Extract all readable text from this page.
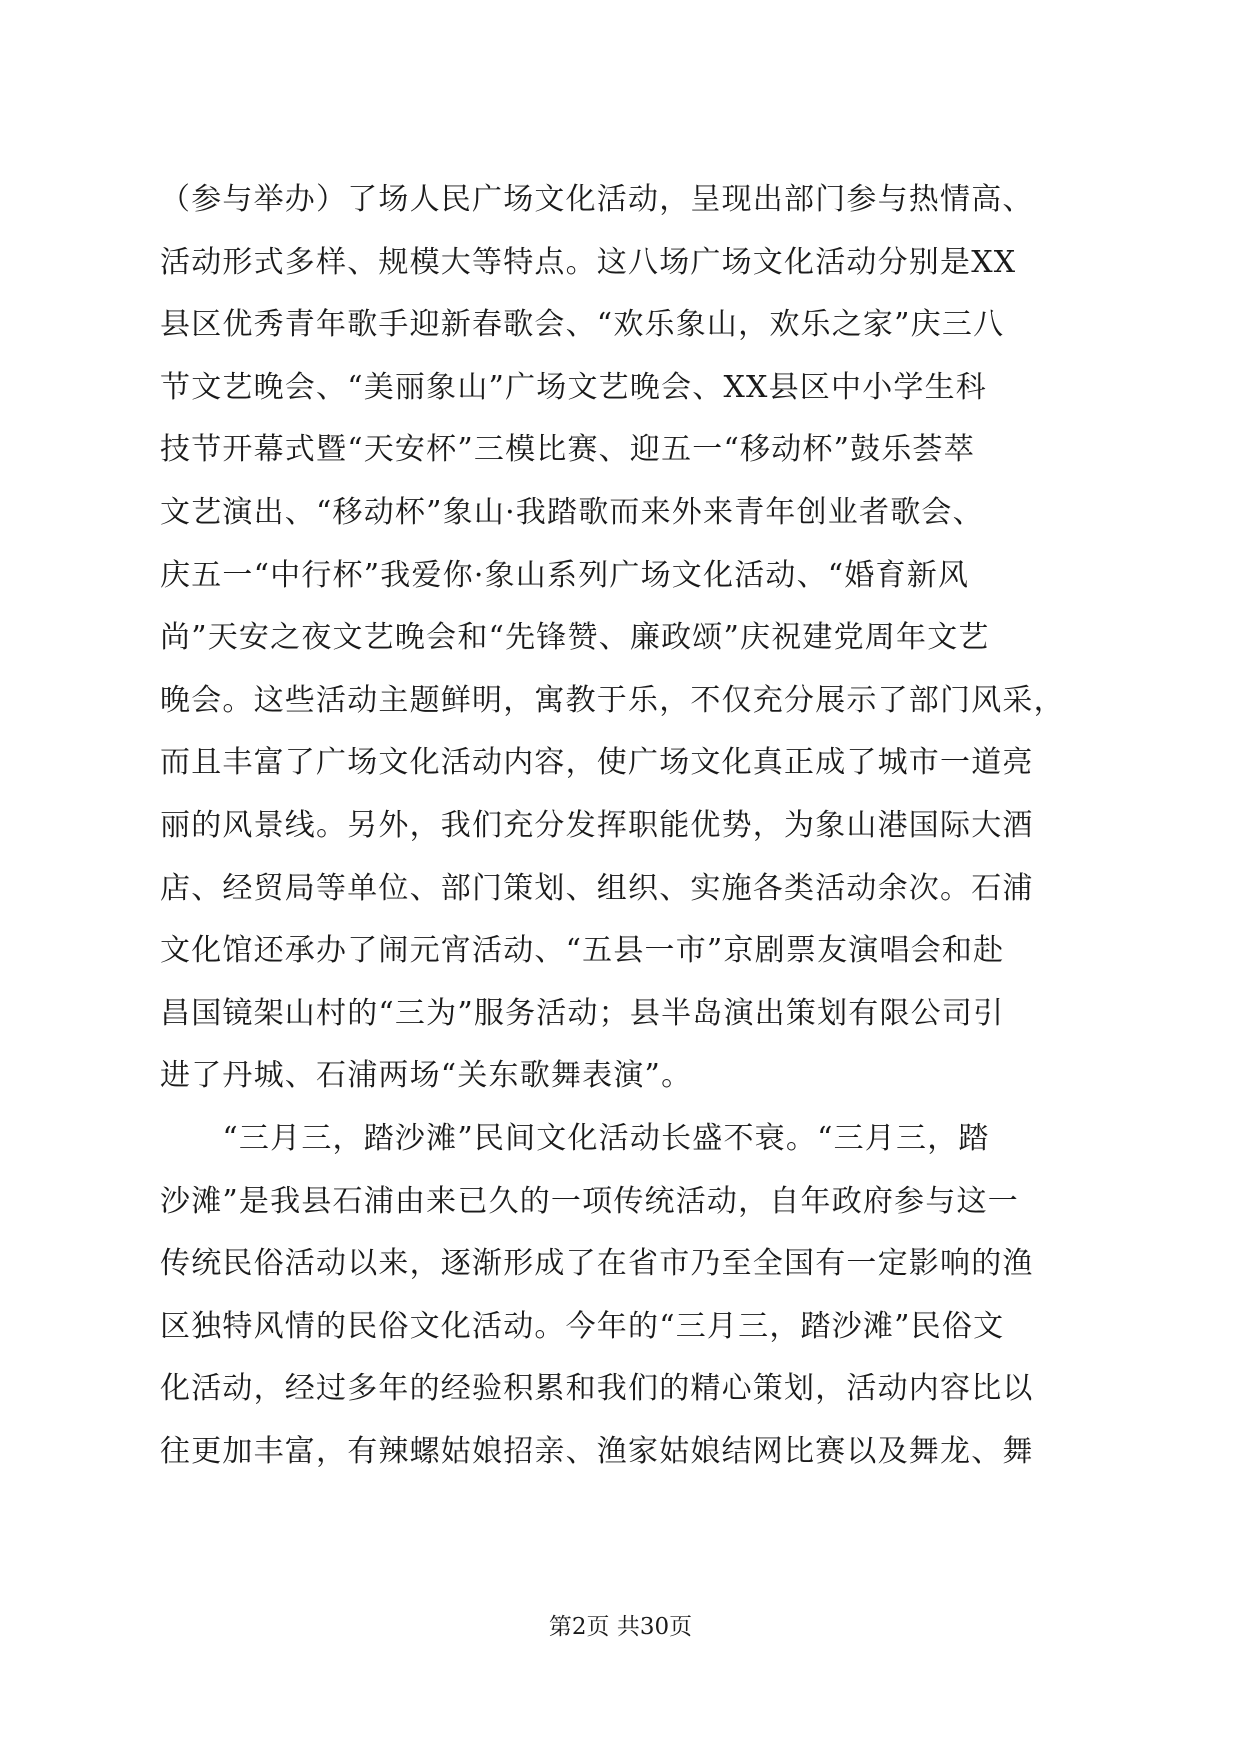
（参与举办）了场人民广场文化活动，呈现出部门参与热情高、
活动形式多样、规模大等特点。这八场广场文化活动分别是XX
县区优秀青年歌手迎新春歌会、“欢乐象山，欢乐之家”庆三八
节文艺晚会、“美丽象山”广场文艺晚会、XX县区中小学生科
技节开幕式暨“天安杯”三模比赛、迎五一“移动杯”鼓乐荟萃
文艺演出、“移动杯”象山·我踏歌而来外来青年创业者歌会、
庆五一“中行杯”我爱你·象山系列广场文化活动、“婚育新风
尚”天安之夜文艺晚会和“先锋赞、廉政颂”庆祝建党周年文艺
晚会。这些活动主题鲜明，寓教于乐，不仅充分展示了部门风采，
而且丰富了广场文化活动内容，使广场文化真正成了城市一道亮
丽的风景线。另外，我们充分发挥职能优势，为象山港国际大酒
店、经贸局等单位、部门策划、组织、实施各类活动余次。石浦
文化馆还承办了闹元宵活动、“五县一市”京剧票友演唱会和赴
昌国镜架山村的“三为”服务活动；县半岛演出策划有限公司引
进了丹城、石浦两场“关东歌舞表演”。
　　“三月三，踏沙滩”民间文化活动长盛不衰。“三月三，踏
沙滩”是我县石浦由来已久的一项传统活动，自年政府参与这一
传统民俗活动以来，逐渐形成了在省市乃至全国有一定影响的渔
区独特风情的民俗文化活动。今年的“三月三，踏沙滩”民俗文
化活动，经过多年的经验积累和我们的精心策划，活动内容比以
往更加丰富，有辣螺姑娘招亲、渔家姑娘结网比赛以及舞龙、舞
第2页 共30页
